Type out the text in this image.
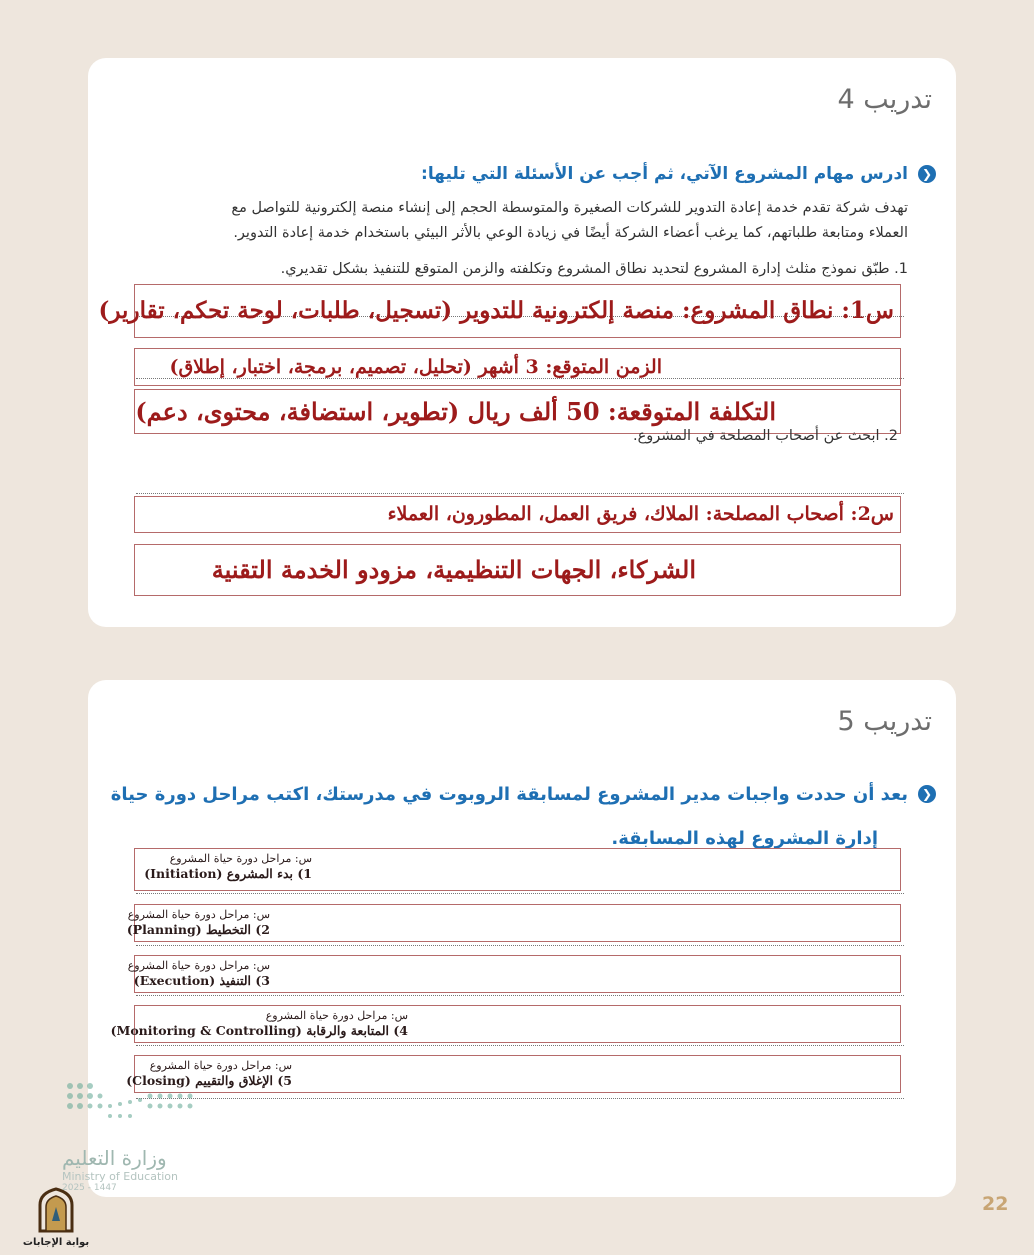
تدريب 4
❮
ادرس مهام المشروع الآتي، ثم أجب عن الأسئلة التي تليها:
تهدف شركة تقدم خدمة إعادة التدوير للشركات الصغيرة والمتوسطة الحجم إلى إنشاء منصة إلكترونية للتواصل مع
العملاء ومتابعة طلباتهم، كما يرغب أعضاء الشركة أيضًا في زيادة الوعي بالأثر البيئي باستخدام خدمة إعادة التدوير.
1. طبّق نموذج مثلث إدارة المشروع لتحديد نطاق المشروع وتكلفته والزمن المتوقع للتنفيذ بشكل تقديري.
س1: نطاق المشروع: منصة إلكترونية للتدوير (تسجيل، طلبات، لوحة تحكم، تقارير)
الزمن المتوقع: 3 أشهر (تحليل، تصميم، برمجة، اختبار، إطلاق)
التكلفة المتوقعة: 50 ألف ريال (تطوير، استضافة، محتوى، دعم)
2. ابحث عن أصحاب المصلحة في المشروع.
س2: أصحاب المصلحة: الملاك، فريق العمل، المطورون، العملاء
الشركاء، الجهات التنظيمية، مزودو الخدمة التقنية
تدريب 5
❮
بعد أن حددت واجبات مدير المشروع لمسابقة الروبوت في مدرستك، اكتب مراحل دورة حياة
إدارة المشروع لهذه المسابقة.
س: مراحل دورة حياة المشروع
1) بدء المشروع (Initiation)
س: مراحل دورة حياة المشروع
2) التخطيط (Planning)
س: مراحل دورة حياة المشروع
3) التنفيذ (Execution)
س: مراحل دورة حياة المشروع
4) المتابعة والرقابة (Monitoring & Controlling)
س: مراحل دورة حياة المشروع
5) الإغلاق والتقييم (Closing)
وزارة التعليم
Ministry of Education
2025 - 1447
بوابة الإجابات
22
